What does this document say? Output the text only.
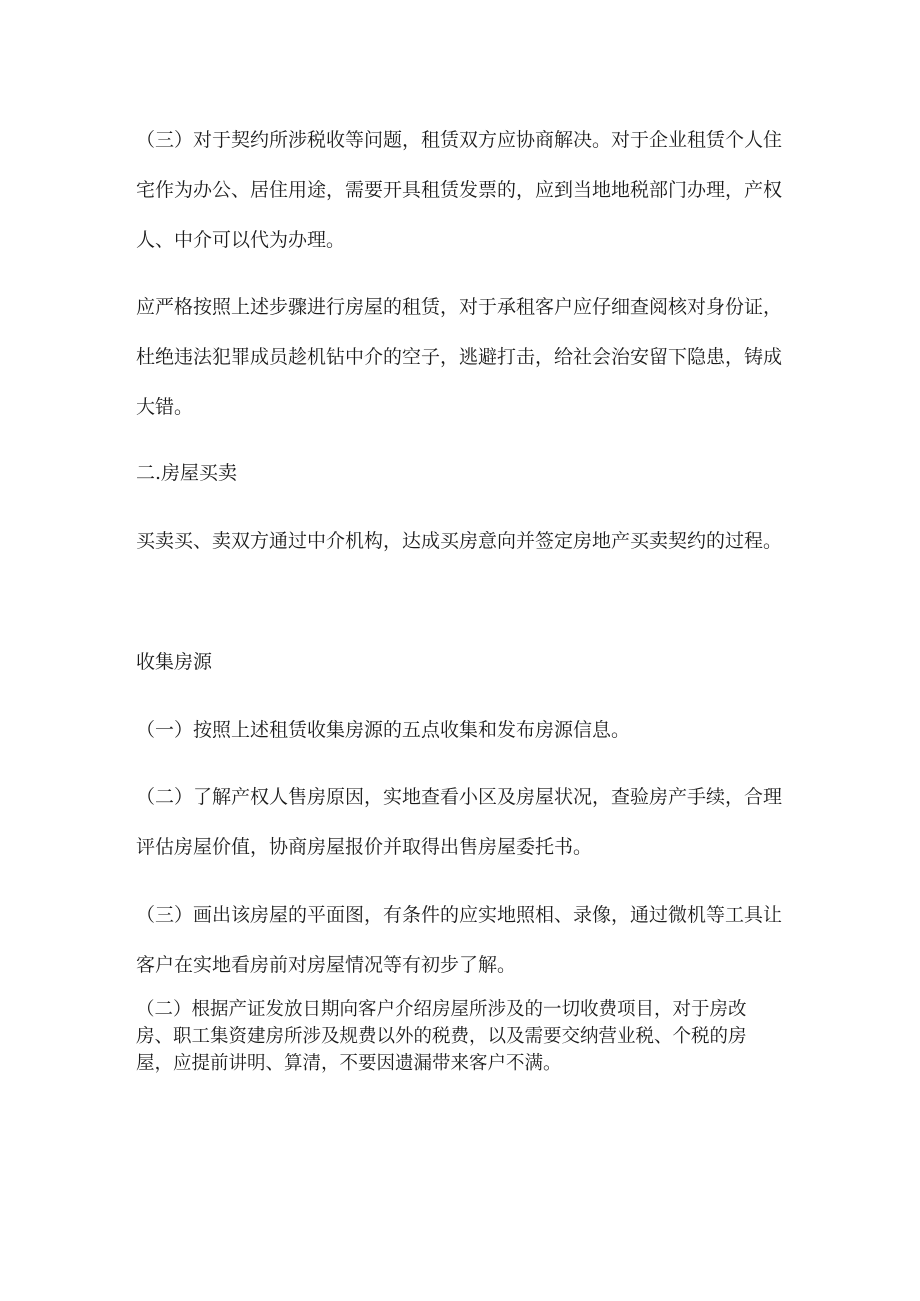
（三）对于契约所涉税收等问题，租赁双方应协商解决。对于企业租赁个人住宅作为办公、居住用途，需要开具租赁发票的，应到当地地税部门办理，产权人、中介可以代为办理。

应严格按照上述步骤进行房屋的租赁，对于承租客户应仔细查阅核对身份证，杜绝违法犯罪成员趁机钻中介的空子，逃避打击，给社会治安留下隐患，铸成大错。

二.房屋买卖

买卖买、卖双方通过中介机构，达成买房意向并签定房地产买卖契约的过程。

收集房源

（一）按照上述租赁收集房源的五点收集和发布房源信息。

（二）了解产权人售房原因，实地查看小区及房屋状况，查验房产手续，合理评估房屋价值，协商房屋报价并取得出售房屋委托书。

（三）画出该房屋的平面图，有条件的应实地照相、录像，通过微机等工具让客户在实地看房前对房屋情况等有初步了解。

（二）根据产证发放日期向客户介绍房屋所涉及的一切收费项目，对于房改房、职工集资建房所涉及规费以外的税费，以及需要交纳营业税、个税的房屋，应提前讲明、算清，不要因遗漏带来客户不满。
